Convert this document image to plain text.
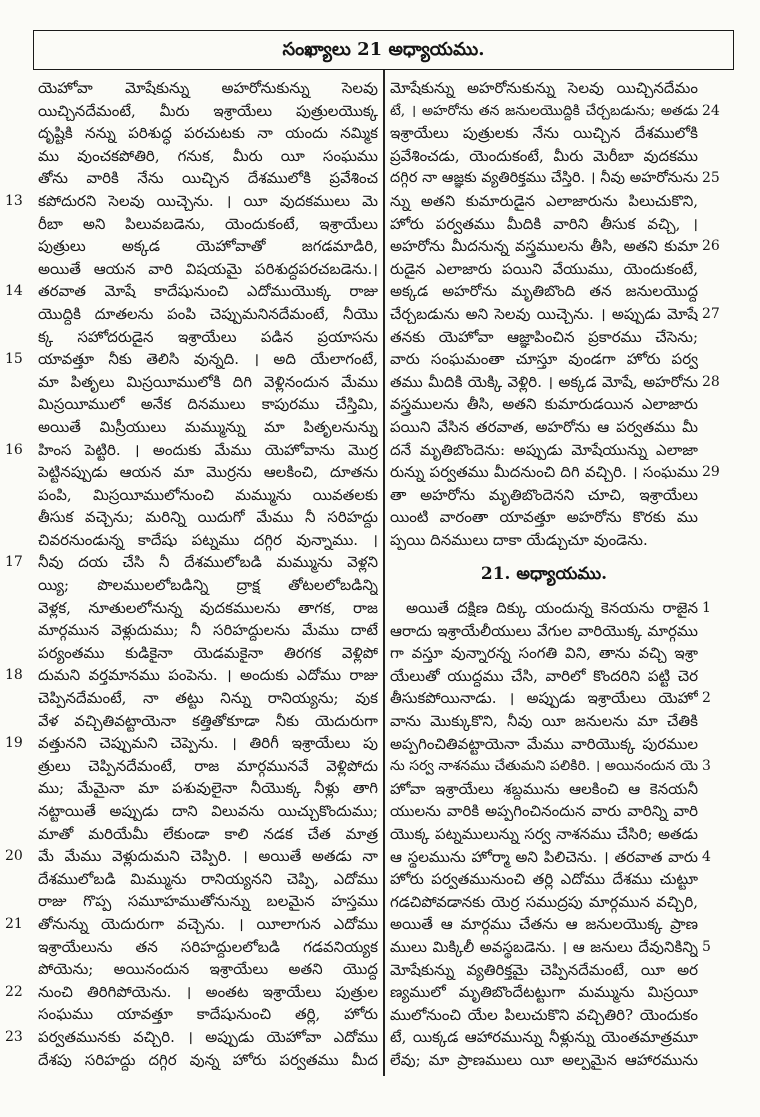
సంఖ్యాలు 21 అధ్యాయము.
యెహోవా మోషేకున్ను అహరోనుకున్ను సెలవు
యిచ్చినదేమంటే, మీరు ఇశ్రాయేలు పుత్రులయొక్క
దృష్టికి నన్ను పరిశుద్ధ పరచుటకు నా యందు నమ్మిక
ము వుంచకపోతిరి, గనుక, మీరు యీ సంఘము
తోను వారికి నేను యిచ్చిన దేశములోకి ప్రవేశించ
కపోదురని సెలవు యిచ్చెను. । యీ వుదకములు మె
13
రీబా అని పిలువబడెను, యెందుకంటే, ఇశ్రాయేలు
పుత్రులు అక్కడ యెహోవాతో జగడమాడిరి,
అయితే ఆయన వారి విషయమై పరిశుద్ధపరచబడెను.।
తరవాత మోషే కాదేషునుంచి ఎదోముయొక్క రాజు
14
యొద్దికి దూతలను పంపి చెప్పుమనినదేమంటే, నీయొ
క్క సహోదరుడైన ఇశ్రాయేలు పడిన ప్రయాసను
యావత్తూ నీకు తెలిసి వున్నది. । అది యేలాగంటే,
15
మా పితృలు మిస్రయీములోకి దిగి వెళ్లినందున మేము
మిస్రయీములో అనేక దినములు కాపురము చేస్తిమి,
అయితే మిస్రీయులు మమ్మున్ను మా పితృలనున్ను
హింస పెట్టిరి. । అందుకు మేము యెహోవాను మొర్ర
16
పెట్టినప్పుడు ఆయన మా మొర్రను ఆలకించి, దూతను
పంపి, మిస్రయీములోనుంచి మమ్మును యివతలకు
తీసుక వచ్చెను; మరిన్ని యిదుగో మేము నీ సరిహద్దు
చివరనుండున్న కాదేషు పట్నము దగ్గిర వున్నాము. ।
నీవు దయ చేసి నీ దేశములోబడి మమ్మును వెళ్లని
17
య్యి; పొలములలోబడిన్ని ద్రాక్ష తోటలలోబడిన్ని
వెళ్లక, నూతులలోనున్న వుదకములను తాగక, రాజ
మార్గమున వెళ్లుదుము; నీ సరిహద్దులను మేము దాటే
పర్యంతము కుడికైనా యెడమకైనా తిరగక వెళ్లిపో
దుమని వర్తమానము పంపెను. । అందుకు ఎదోము రాజు
18
చెప్పినదేమంటే, నా తట్టు నిన్ను రానియ్యను; వుక
వేళ వచ్చితివట్టాయెనా కత్తితోకూడా నీకు యెదురుగా
వత్తునని చెప్పుమని చెప్పెను. । తిరిగీ ఇశ్రాయేలు పు
19
త్రులు చెప్పినదేమంటే, రాజ మార్గమునవే వెళ్లిపోదు
ము; మేమైనా మా పశువులైనా నీయొక్క నీళ్లు తాగి
నట్టాయితే అప్పుడు దాని విలువను యిచ్చుకొందుము;
మాతో మరియేమీ లేకుండా కాలి నడక చేత మాత్ర
మే మేము వెళ్లుదుమని చెప్పిరి. । అయితే అతడు నా
20
దేశములోబడి మిమ్మును రానియ్యనని చెప్పి, ఎదోము
రాజు గొప్ప సమూహముతోనున్ను బలమైన హస్తము
తోనున్ను యెదురుగా వచ్చెను. । యీలాగున ఎదోము
21
ఇశ్రాయేలును తన సరిహద్దులలోబడి గడవనియ్యక
పోయెను; అయినందున ఇశ్రాయేలు అతని యొద్ద
నుంచి తిరిగిపోయెను. । అంతట ఇశ్రాయేలు పుత్రుల
22
సంఘము యావత్తూ కాదేషునుంచి తర్లి, హోరు
పర్వతమునకు వచ్చిరి. । అప్పుడు యెహోవా ఎదోము
23
దేశపు సరిహద్దు దగ్గిర వున్న హోరు పర్వతము మీద
మోషేకున్ను అహరోనుకున్ను సెలవు యిచ్చినదేమం
టే, । అహరోను తన జనులయొద్దికి చేర్చబడును; అతడు 24
ఇశ్రాయేలు పుత్రులకు నేను యిచ్చిన దేశములోకి
ప్రవేశించడు, యెందుకంటే, మీరు మెరీబా వుదకము
దగ్గిర నా ఆజ్ఞకు వ్యతిరిక్తము చేస్తిరి. । నీవు అహరోనును 25
న్ను అతని కుమారుడైన ఎలాజారును పిలుచుకొని,
హోరు పర్వతము మీదికి వారిని తీసుక వచ్చి, ।
అహరోను మీదనున్న వస్త్రములను తీసి, అతని కుమా 26
రుడైన ఎలాజారు పయిని వేయుము, యెందుకంటే,
అక్కడ అహరోను మృతిబొంది తన జనులయొద్ద
చేర్చబడును అని సెలవు యిచ్చెను. । అప్పుడు మోషే 27
తనకు యెహోవా ఆజ్ఞాపించిన ప్రకారము చేసెను;
వారు సంఘమంతా చూస్తూ వుండగా హోరు పర్వ
తము మీదికి యెక్కి వెళ్లిరి. । అక్కడ మోషే, అహరోను 28
వస్త్రములను తీసి, అతని కుమారుడయిన ఎలాజారు
పయిని వేసిన తరవాత, అహరోను ఆ పర్వతము మీ
దనే మృతిబొందెను: అప్పుడు మోషేయున్ను ఎలాజా
రున్ను పర్వతము మీదనుంచి దిగి వచ్చిరి. । సంఘము 29
తా అహరోను మృతిబొందెనని చూచి, ఇశ్రాయేలు
యింటి వారంతా యావత్తూ అహరోను కొరకు ము
ప్పయి దినములు దాకా యేడ్చుచూ వుండెను.
21. అధ్యాయము.
అయితే దక్షిణ దిక్కు యందున్న కెనయను రాజైన 1
ఆరాదు ఇశ్రాయేలీయులు వేగుల వారియొక్క మార్గము
గా వస్తూ వున్నారన్న సంగతి విని, తాను వచ్చి ఇశ్రా
యేలుతో యుద్ధము చేసి, వారిలో కొందరిని పట్టి చెర
తీసుకపోయినాడు. । అప్పుడు ఇశ్రాయేలు యెహో 2
వాను మొక్కుకొని, నీవు యీ జనులను మా చేతికి
అప్పగించితివట్టాయెనా మేము వారియొక్క పురముల
ను సర్వ నాశనము చేతుమని పలికిరి. । అయినందున యె 3
హోవా ఇశ్రాయేలు శబ్దమును ఆలకించి ఆ కెనయనీ
యులను వారికి అప్పగించినందున వారు వారిన్ని వారి
యొక్క పట్నములున్ను సర్వ నాశనము చేసిరి; అతడు
ఆ స్థలమును హోర్మా అని పిలిచెను. । తరవాత వారు 4
హోరు పర్వతమునుంచి తర్లి ఎదోము దేశము చుట్టూ
గడచిపోవడానకు యెర్ర సముద్రపు మార్గమున వచ్చిరి,
అయితే ఆ మార్గము చేతను ఆ జనులయొక్క ప్రాణ
ములు మిక్కిలీ అవస్థబడెను. । ఆ జనులు దేవునికిన్ని 5
మోషేకున్ను వ్యతిరిక్తమై చెప్పినదేమంటే, యీ అర
ణ్యములో మృతిబొందేటట్టుగా మమ్మును మిస్రయీ
ములోనుంచి యేల పిలుచుకొని వచ్చితిరి? యెందుకం
టే, యిక్కడ ఆహారమున్ను నీళ్లున్ను యెంతమాత్రమూ
లేవు; మా ప్రాణములు యీ అల్పమైన ఆహారమును
